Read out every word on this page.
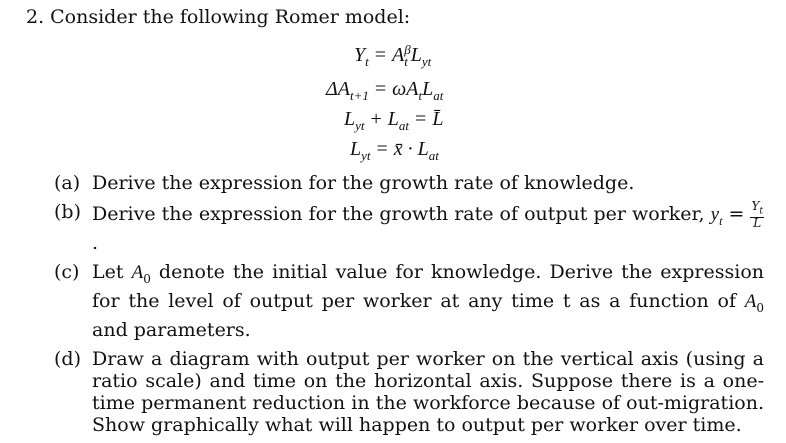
2. Consider the following Romer model:
$Y_t = A$ β
t $L_{yt}$
$\Delta A_{t+1} = \omega A_tL_{at}$
$L_{yt} + L_{at}$ = L̄
$L_{yt}$ = x̄ · $L_{at}$
(a) Derive the expression for the growth rate of knowledge.
(b) Derive the expression for the growth rate of output per worker, $y_t = \frac{Y_t}{L}$
.
(c) Let $A_0$ denote the initial value for knowledge. Derive the expression for the level of output per worker at any time t as a function of $A_0$ and parameters.
(d) Draw a diagram with output per worker on the vertical axis (using a ratio scale) and time on the horizontal axis. Suppose there is a one-time permanent reduction in the workforce because of out-migration. Show graphically what will happen to output per worker over time.
